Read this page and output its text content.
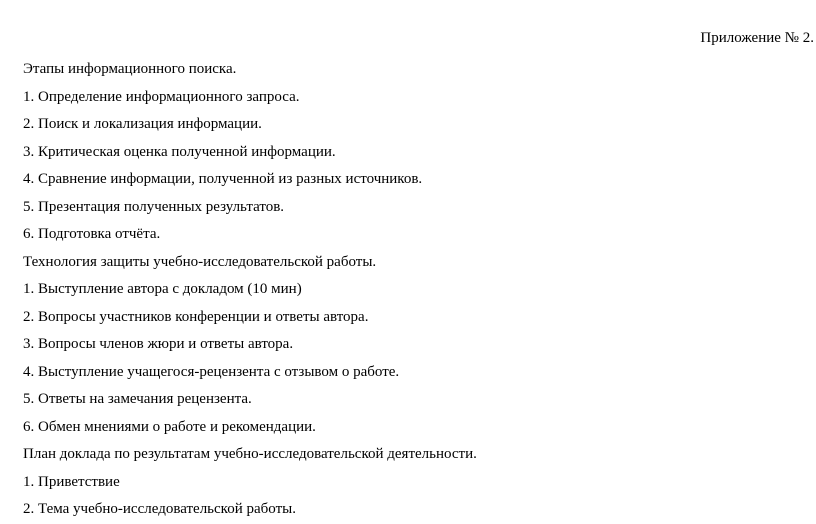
Приложение № 2.
Этапы информационного поиска.
1. Определение информационного запроса.
2. Поиск и локализация информации.
3. Критическая оценка полученной информации.
4. Сравнение информации, полученной из разных источников.
5. Презентация полученных результатов.
6. Подготовка отчёта.
Технология защиты учебно-исследовательской работы.
1. Выступление автора с докладом (10 мин)
2. Вопросы участников конференции и ответы автора.
3. Вопросы членов жюри и ответы автора.
4. Выступление учащегося-рецензента с отзывом о работе.
5. Ответы на замечания рецензента.
6. Обмен мнениями о работе и рекомендации.
План доклада по результатам учебно-исследовательской деятельности.
1. Приветствие
2. Тема учебно-исследовательской работы.
